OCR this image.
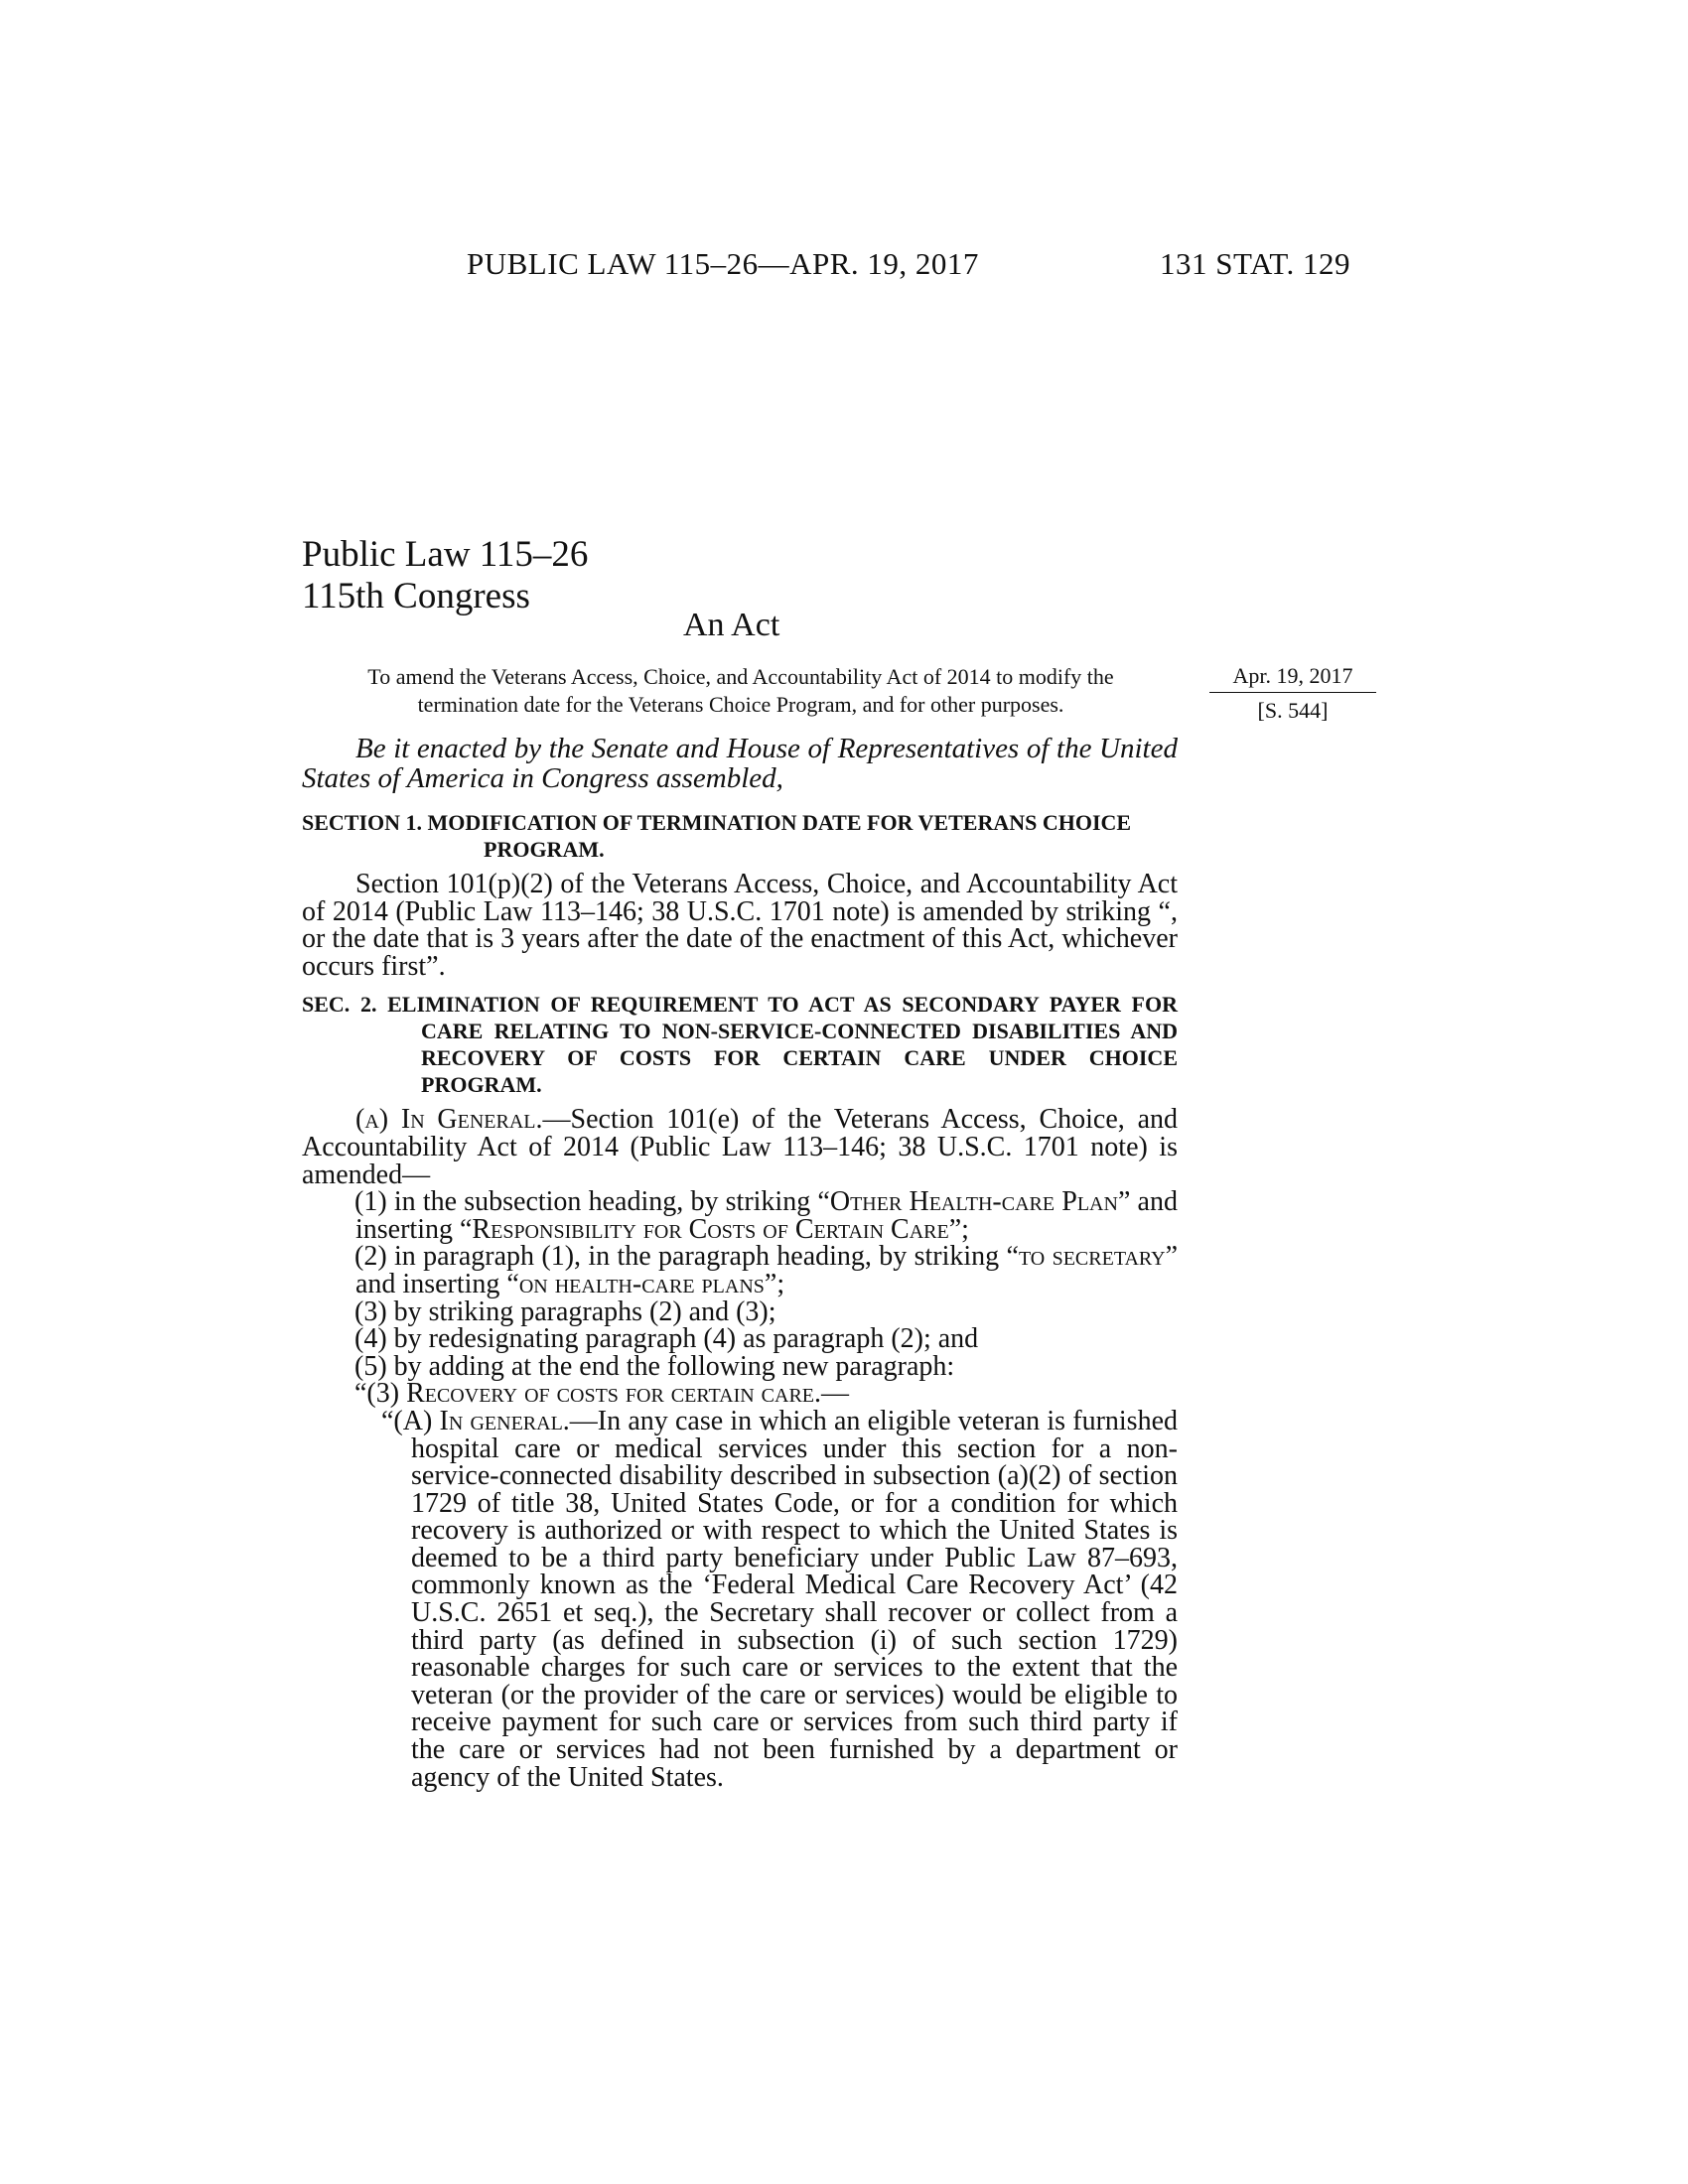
PUBLIC LAW 115–26—APR. 19, 2017	131 STAT. 129
Public Law 115–26
115th Congress
An Act
To amend the Veterans Access, Choice, and Accountability Act of 2014 to modify the termination date for the Veterans Choice Program, and for other purposes.
Apr. 19, 2017
[S. 544]

Be it enacted by the Senate and House of Representatives of the United States of America in Congress assembled,

SECTION 1. MODIFICATION OF TERMINATION DATE FOR VETERANS CHOICE PROGRAM.

Section 101(p)(2) of the Veterans Access, Choice, and Accountability Act of 2014 (Public Law 113–146; 38 U.S.C. 1701 note) is amended by striking “, or the date that is 3 years after the date of the enactment of this Act, whichever occurs first”.

SEC. 2. ELIMINATION OF REQUIREMENT TO ACT AS SECONDARY PAYER FOR CARE RELATING TO NON-SERVICE-CONNECTED DISABILITIES AND RECOVERY OF COSTS FOR CERTAIN CARE UNDER CHOICE PROGRAM.

(a) In General.—Section 101(e) of the Veterans Access, Choice, and Accountability Act of 2014 (Public Law 113–146; 38 U.S.C. 1701 note) is amended—

(1) in the subsection heading, by striking “Other Health-care Plan” and inserting “Responsibility for Costs of Certain Care”;

(2) in paragraph (1), in the paragraph heading, by striking “to secretary” and inserting “on health-care plans”;

(3) by striking paragraphs (2) and (3);

(4) by redesignating paragraph (4) as paragraph (2); and

(5) by adding at the end the following new paragraph:

“(3) Recovery of costs for certain care.—

“(A) In general.—In any case in which an eligible veteran is furnished hospital care or medical services under this section for a non-service-connected disability described in subsection (a)(2) of section 1729 of title 38, United States Code, or for a condition for which recovery is authorized or with respect to which the United States is deemed to be a third party beneficiary under Public Law 87–693, commonly known as the ‘Federal Medical Care Recovery Act’ (42 U.S.C. 2651 et seq.), the Secretary shall recover or collect from a third party (as defined in subsection (i) of such section 1729) reasonable charges for such care or services to the extent that the veteran (or the provider of the care or services) would be eligible to receive payment for such care or services from such third party if the care or services had not been furnished by a department or agency of the United States.
